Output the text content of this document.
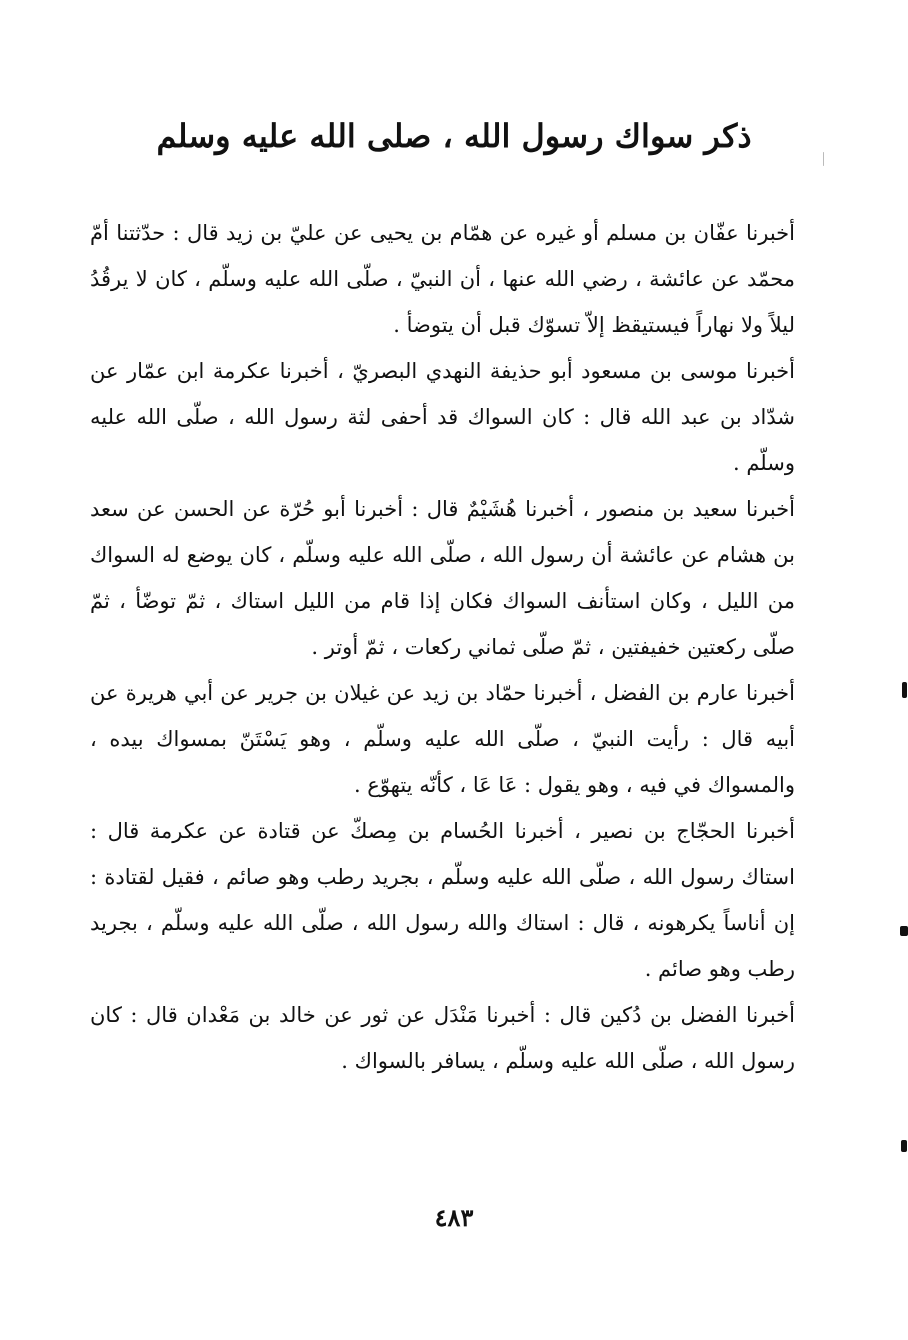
ذكر سواك رسول الله ، صلى الله عليه وسلم

أخبرنا عفّان بن مسلم أو غيره عن همّام بن يحيى عن عليّ بن زيد قال : حدّثتنا أمّ محمّد عن عائشة ، رضي الله عنها ، أن النبيّ ، صلّى الله عليه وسلّم ، كان لا يرقُدُ ليلاً ولا نهاراً فيستيقظ إلاّ تسوّك قبل أن يتوضأ .

أخبرنا موسى بن مسعود أبو حذيفة النهدي البصريّ ، أخبرنا عكرمة ابن عمّار عن شدّاد بن عبد الله قال : كان السواك قد أحفى لثة رسول الله ، صلّى الله عليه وسلّم .

أخبرنا سعيد بن منصور ، أخبرنا هُشَيْمٌ قال : أخبرنا أبو حُرّة عن الحسن عن سعد بن هشام عن عائشة أن رسول الله ، صلّى الله عليه وسلّم ، كان يوضع له السواك من الليل ، وكان استأنف السواك فكان إذا قام من الليل استاك ، ثمّ توضّأ ، ثمّ صلّى ركعتين خفيفتين ، ثمّ صلّى ثماني ركعات ، ثمّ أوتر .

أخبرنا عارم بن الفضل ، أخبرنا حمّاد بن زيد عن غيلان بن جرير عن أبي هريرة عن أبيه قال : رأيت النبيّ ، صلّى الله عليه وسلّم ، وهو يَسْتَنّ بمسواك بيده ، والمسواك في فيه ، وهو يقول : عَا عَا ، كأنّه يتهوّع .

أخبرنا الحجّاج بن نصير ، أخبرنا الحُسام بن مِصكّ عن قتادة عن عكرمة قال : استاك رسول الله ، صلّى الله عليه وسلّم ، بجريد رطب وهو صائم ، فقيل لقتادة : إن أناساً يكرهونه ، قال : استاك والله رسول الله ، صلّى الله عليه وسلّم ، بجريد رطب وهو صائم .

أخبرنا الفضل بن دُكين قال : أخبرنا مَنْدَل عن ثور عن خالد بن مَعْدان قال : كان رسول الله ، صلّى الله عليه وسلّم ، يسافر بالسواك .

٤٨٣
